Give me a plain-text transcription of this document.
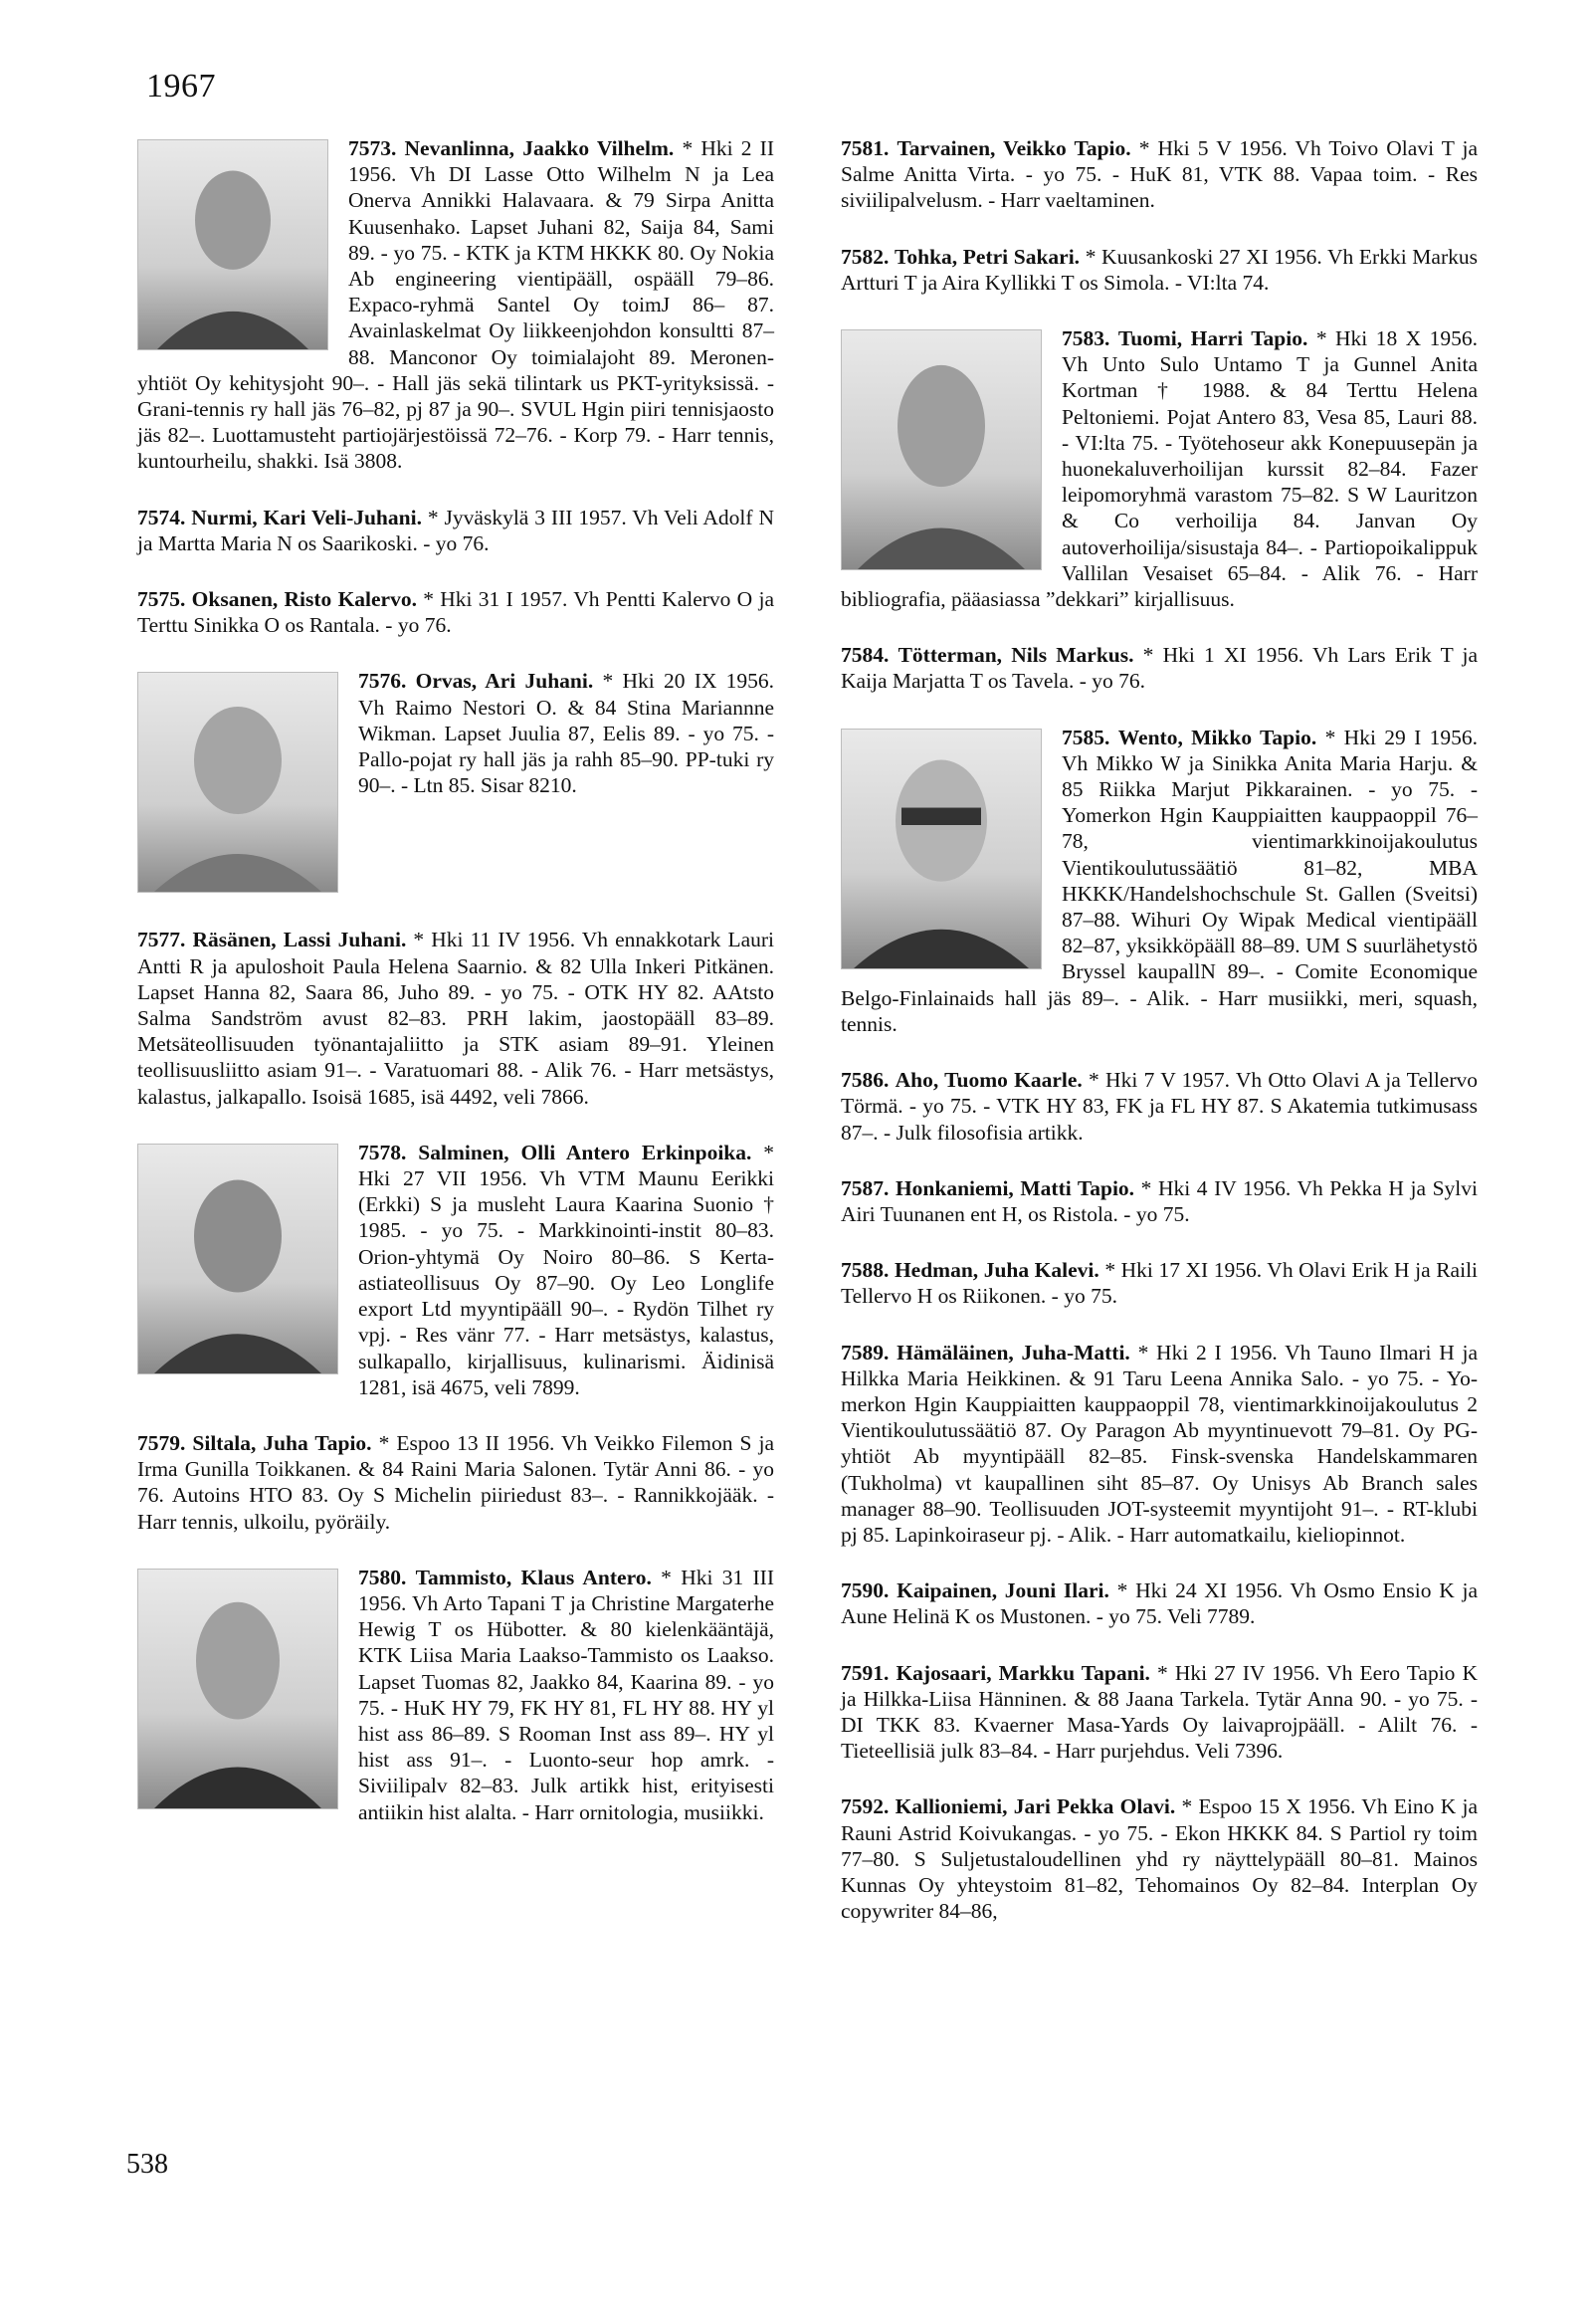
1967
7573. Nevanlinna, Jaakko Vilhelm. * Hki 2 II 1956. Vh DI Lasse Otto Wilhelm N ja Lea Onerva Annikki Halavaara. & 79 Sirpa Anitta Kuusenhako. Lapset Juhani 82, Saija 84, Sami 89. - yo 75. - KTK ja KTM HKKK 80. Oy Nokia Ab engineering vientipääll, ospääll 79–86. Expaco-ryhmä Santel Oy toimJ 86– 87. Avainlaskelmat Oy liikkeenjohdon konsultti 87–88. Manconor Oy toimialajoht 89. Meronen-yhtiöt Oy kehitysjoht 90–. - Hall jäs sekä tilintark us PKT-yrityksissä. - Grani-tennis ry hall jäs 76–82, pj 87 ja 90–. SVUL Hgin piiri tennisjaosto jäs 82–. Luottamusteht partiojärjestöissä 72–76. - Korp 79. - Harr tennis, kuntourheilu, shakki. Isä 3808.
7574. Nurmi, Kari Veli-Juhani. * Jyväskylä 3 III 1957. Vh Veli Adolf N ja Martta Maria N os Saarikoski. - yo 76.
7575. Oksanen, Risto Kalervo. * Hki 31 I 1957. Vh Pentti Kalervo O ja Terttu Sinikka O os Rantala. - yo 76.
7576. Orvas, Ari Juhani. * Hki 20 IX 1956. Vh Raimo Nestori O. & 84 Stina Mariannne Wikman. Lapset Juulia 87, Eelis 89. - yo 75. - Pallo-pojat ry hall jäs ja rahh 85–90. PP-tuki ry 90–. - Ltn 85. Sisar 8210.
7577. Räsänen, Lassi Juhani. * Hki 11 IV 1956. Vh ennakkotark Lauri Antti R ja apuloshoit Paula Helena Saarnio. & 82 Ulla Inkeri Pitkänen. Lapset Hanna 82, Saara 86, Juho 89. - yo 75. - OTK HY 82. AAtsto Salma Sandström avust 82–83. PRH lakim, jaostopääll 83–89. Metsäteollisuuden työnantajaliitto ja STK asiam 89–91. Yleinen teollisuusliitto asiam 91–. - Varatuomari 88. - Alik 76. - Harr metsästys, kalastus, jalkapallo. Isoisä 1685, isä 4492, veli 7866.
7578. Salminen, Olli Antero Erkinpoika. * Hki 27 VII 1956. Vh VTM Maunu Eerikki (Erkki) S ja musleht Laura Kaarina Suonio † 1985. - yo 75. - Markkinointi-instit 80–83. Orion-yhtymä Oy Noiro 80–86. S Kerta-astiateollisuus Oy 87–90. Oy Leo Longlife export Ltd myyntipääll 90–. - Rydön Tilhet ry vpj. - Res vänr 77. - Harr metsästys, kalastus, sulkapallo, kirjallisuus, kulinarismi. Äidinisä 1281, isä 4675, veli 7899.
7579. Siltala, Juha Tapio. * Espoo 13 II 1956. Vh Veikko Filemon S ja Irma Gunilla Toikkanen. & 84 Raini Maria Salonen. Tytär Anni 86. - yo 76. Autoins HTO 83. Oy S Michelin piiriedust 83–. - Rannikkojääk. - Harr tennis, ulkoilu, pyöräily.
7580. Tammisto, Klaus Antero. * Hki 31 III 1956. Vh Arto Tapani T ja Christine Margaterhe Hewig T os Hübotter. & 80 kielenkääntäjä, KTK Liisa Maria Laakso-Tammisto os Laakso. Lapset Tuomas 82, Jaakko 84, Kaarina 89. - yo 75. - HuK HY 79, FK HY 81, FL HY 88. HY yl hist ass 86–89. S Rooman Inst ass 89–. HY yl hist ass 91–. - Luonto-seur hop amrk. - Siviilipalv 82–83. Julk artikk hist, erityisesti antiikin hist alalta. - Harr ornitologia, musiikki.
7581. Tarvainen, Veikko Tapio. * Hki 5 V 1956. Vh Toivo Olavi T ja Salme Anitta Virta. - yo 75. - HuK 81, VTK 88. Vapaa toim. - Res siviilipalvelusm. - Harr vaeltaminen.
7582. Tohka, Petri Sakari. * Kuusankoski 27 XI 1956. Vh Erkki Markus Artturi T ja Aira Kyllikki T os Simola. - VI:lta 74.
7583. Tuomi, Harri Tapio. * Hki 18 X 1956. Vh Unto Sulo Untamo T ja Gunnel Anita Kortman † 1988. & 84 Terttu Helena Peltoniemi. Pojat Antero 83, Vesa 85, Lauri 88. - VI:lta 75. - Työtehoseur akk Konepuusepän ja huonekaluverhoilijan kurssit 82–84. Fazer leipomoryhmä varastom 75–82. S W Lauritzon & Co verhoilija 84. Janvan Oy autoverhoilija/sisustaja 84–. - Partiopoikalippuk Vallilan Vesaiset 65–84. - Alik 76. - Harr bibliografia, pääasiassa ”dekkari” kirjallisuus.
7584. Tötterman, Nils Markus. * Hki 1 XI 1956. Vh Lars Erik T ja Kaija Marjatta T os Tavela. - yo 76.
7585. Wento, Mikko Tapio. * Hki 29 I 1956. Vh Mikko W ja Sinikka Anita Maria Harju. & 85 Riikka Marjut Pikkarainen. - yo 75. - Yomerkon Hgin Kauppiaitten kauppaoppil 76–78, vientimarkkinoijakoulutus Vientikoulutussäätiö 81–82, MBA HKKK/Handelshochschule St. Gallen (Sveitsi) 87–88. Wihuri Oy Wipak Medical vientipääll 82–87, yksikköpääll 88–89. UM S suurlähetystö Bryssel kaupallN 89–. - Comite Economique Belgo-Finlainaids hall jäs 89–. - Alik. - Harr musiikki, meri, squash, tennis.
7586. Aho, Tuomo Kaarle. * Hki 7 V 1957. Vh Otto Olavi A ja Tellervo Törmä. - yo 75. - VTK HY 83, FK ja FL HY 87. S Akatemia tutkimusass 87–. - Julk filosofisia artikk.
7587. Honkaniemi, Matti Tapio. * Hki 4 IV 1956. Vh Pekka H ja Sylvi Airi Tuunanen ent H, os Ristola. - yo 75.
7588. Hedman, Juha Kalevi. * Hki 17 XI 1956. Vh Olavi Erik H ja Raili Tellervo H os Riikonen. - yo 75.
7589. Hämäläinen, Juha-Matti. * Hki 2 I 1956. Vh Tauno Ilmari H ja Hilkka Maria Heikkinen. & 91 Taru Leena Annika Salo. - yo 75. - Yo-merkon Hgin Kauppiaitten kauppaoppil 78, vientimarkkinoijakoulutus 2 Vientikoulutussäätiö 87. Oy Paragon Ab myyntinuevott 79–81. Oy PG-yhtiöt Ab myyntipääll 82–85. Finsk-svenska Handelskammaren (Tukholma) vt kaupallinen siht 85–87. Oy Unisys Ab Branch sales manager 88–90. Teollisuuden JOT-systeemit myyntijoht 91–. - RT-klubi pj 85. Lapinkoiraseur pj. - Alik. - Harr automatkailu, kieliopinnot.
7590. Kaipainen, Jouni Ilari. * Hki 24 XI 1956. Vh Osmo Ensio K ja Aune Helinä K os Mustonen. - yo 75. Veli 7789.
7591. Kajosaari, Markku Tapani. * Hki 27 IV 1956. Vh Eero Tapio K ja Hilkka-Liisa Hänninen. & 88 Jaana Tarkela. Tytär Anna 90. - yo 75. - DI TKK 83. Kvaerner Masa-Yards Oy laivaprojpääll. - Alilt 76. - Tieteellisiä julk 83–84. - Harr purjehdus. Veli 7396.
7592. Kallioniemi, Jari Pekka Olavi. * Espoo 15 X 1956. Vh Eino K ja Rauni Astrid Koivukangas. - yo 75. - Ekon HKKK 84. S Partiol ry toim 77–80. S Suljetustaloudellinen yhd ry näyttelypääll 80–81. Mainos Kunnas Oy yhteystoim 81–82, Tehomainos Oy 82–84. Interplan Oy copywriter 84–86,
538
